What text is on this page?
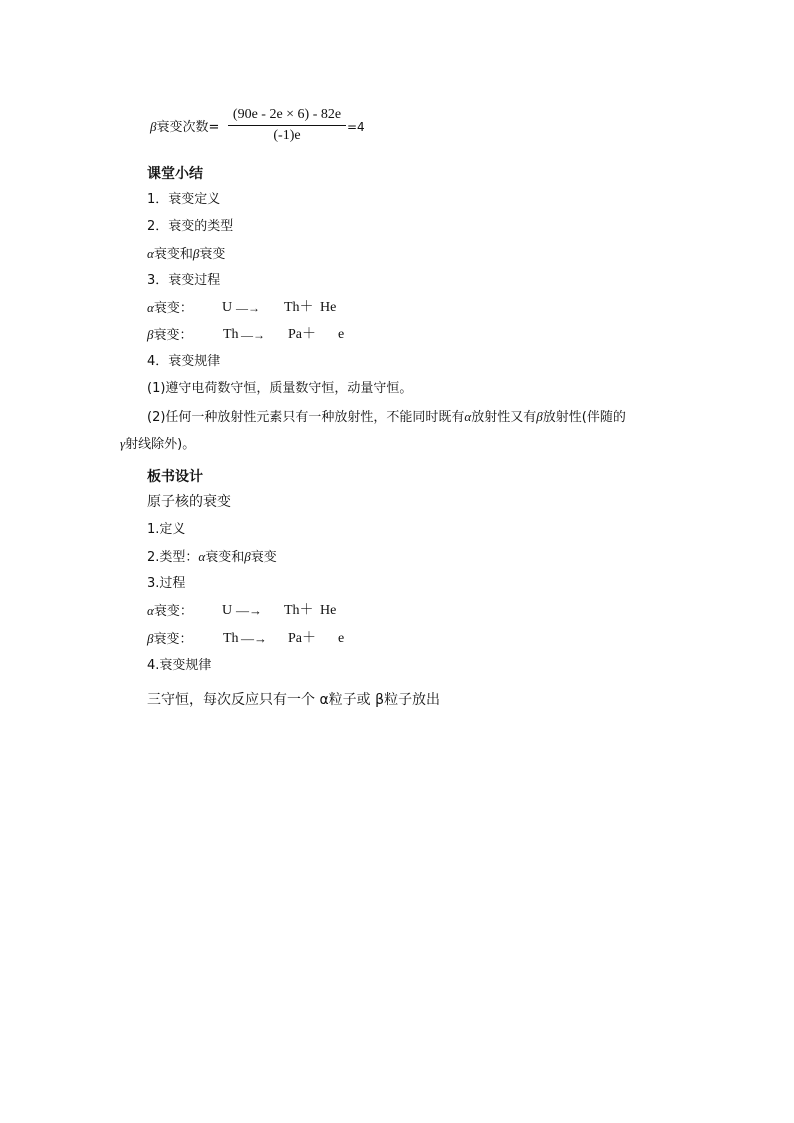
β衰变次数=
(90e - 2e × 6) - 82e
(-1)e
=4
课堂小结
1．衰变定义
2．衰变的类型
α衰变和β衰变
3．衰变过程
α衰变： U —→ Th＋ He
β衰变： Th —→ Pa＋ e
4．衰变规律
(1)遵守电荷数守恒，质量数守恒，动量守恒。
(2)任何一种放射性元素只有一种放射性，不能同时既有α放射性又有β放射性(伴随的
γ射线除外)。
板书设计
原子核的衰变
1.定义
2.类型：α衰变和β衰变
3.过程
α衰变： U —→ Th＋ He
β衰变： Th —→ Pa＋ e
4.衰变规律
三守恒，每次反应只有一个 α粒子或 β粒子放出
